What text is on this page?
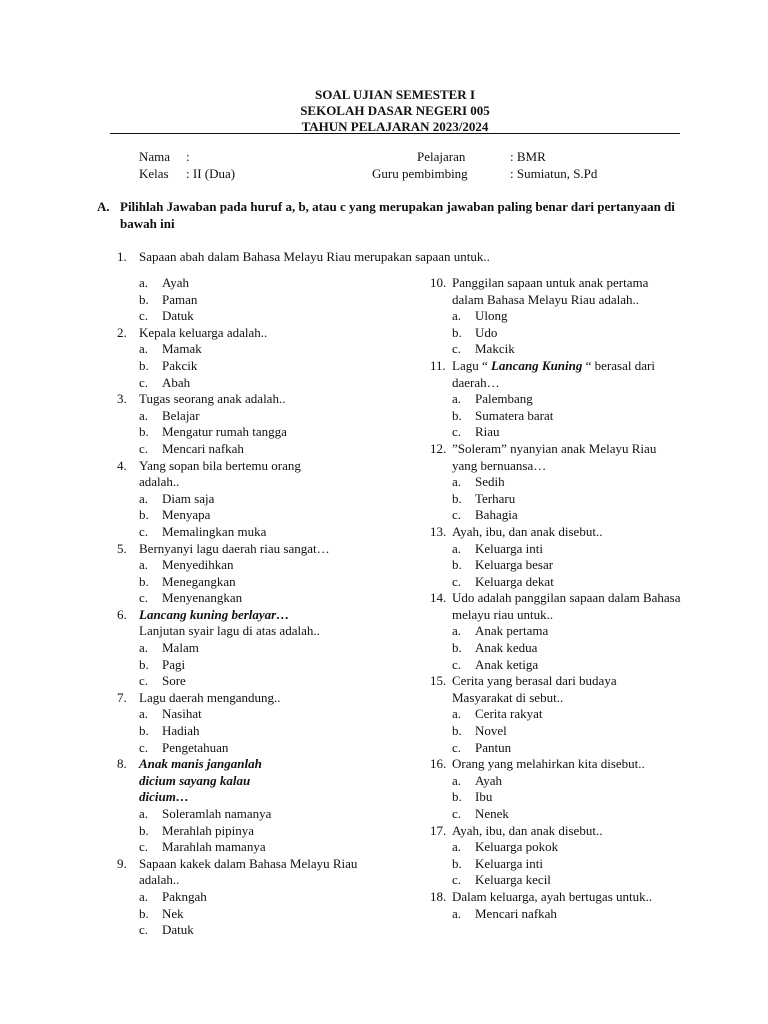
SOAL UJIAN SEMESTER I
SEKOLAH DASAR NEGERI 005
TAHUN PELAJARAN 2023/2024
Nama :
Kelas : II (Dua)
Pelajaran	: BMR
Guru pembimbing	: Sumiatun, S.Pd
A. Pilihlah Jawaban pada huruf a, b, atau c yang merupakan jawaban paling benar dari pertanyaan di bawah ini
1. Sapaan abah dalam Bahasa Melayu Riau merupakan sapaan untuk..
a. Ayah
b. Paman
c. Datuk
2. Kepala keluarga adalah..
a. Mamak
b. Pakcik
c. Abah
3. Tugas seorang anak adalah..
a. Belajar
b. Mengatur rumah tangga
c. Mencari nafkah
4. Yang sopan bila bertemu orang adalah..
a. Diam saja
b. Menyapa
c. Memalingkan muka
5. Bernyanyi lagu daerah riau sangat…
a. Menyedihkan
b. Menegangkan
c. Menyenangkan
6. Lancang kuning berlayar…
Lanjutan syair lagu di atas adalah..
a. Malam
b. Pagi
c. Sore
7. Lagu daerah mengandung..
a. Nasihat
b. Hadiah
c. Pengetahuan
8. Anak manis janganlah dicium sayang kalau dicium…
a. Soleramlah namanya
b. Merahlah pipinya
c. Marahlah mamanya
9. Sapaan kakek dalam Bahasa Melayu Riau adalah..
a. Pakngah
b. Nek
c. Datuk
10. Panggilan sapaan untuk anak pertama dalam Bahasa Melayu Riau adalah..
a. Ulong
b. Udo
c. Makcik
11. Lagu “ Lancang Kuning “ berasal dari daerah…
a. Palembang
b. Sumatera barat
c. Riau
12. ”Soleram” nyanyian anak Melayu Riau yang bernuansa…
a. Sedih
b. Terharu
c. Bahagia
13. Ayah, ibu, dan anak disebut..
a. Keluarga inti
b. Keluarga besar
c. Keluarga dekat
14. Udo adalah panggilan sapaan dalam Bahasa melayu riau untuk..
a. Anak pertama
b. Anak kedua
c. Anak ketiga
15. Cerita yang berasal dari budaya Masyarakat di sebut..
a. Cerita rakyat
b. Novel
c. Pantun
16. Orang yang melahirkan kita disebut..
a. Ayah
b. Ibu
c. Nenek
17. Ayah, ibu, dan anak disebut..
a. Keluarga pokok
b. Keluarga inti
c. Keluarga kecil
18. Dalam keluarga, ayah bertugas untuk..
a. Mencari nafkah
